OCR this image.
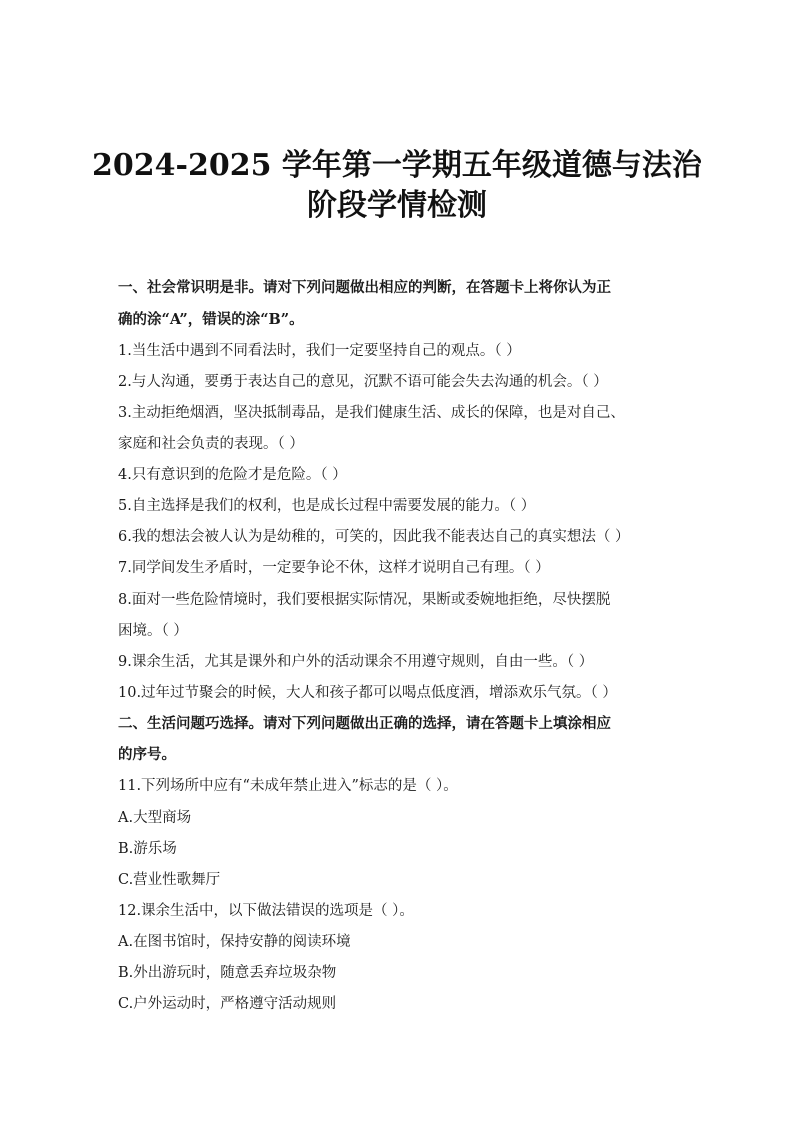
2024-2025 学年第一学期五年级道德与法治
阶段学情检测
一、社会常识明是非。请对下列问题做出相应的判断，在答题卡上将你认为正
确的涂“A”，错误的涂“B”。
1.当生活中遇到不同看法时，我们一定要坚持自己的观点。（ ）
2.与人沟通，要勇于表达自己的意见，沉默不语可能会失去沟通的机会。（ ）
3.主动拒绝烟酒，坚决抵制毒品，是我们健康生活、成长的保障，也是对自己、
家庭和社会负责的表现。（ ）
4.只有意识到的危险才是危险。（ ）
5.自主选择是我们的权利，也是成长过程中需要发展的能力。（ ）
6.我的想法会被人认为是幼稚的，可笑的，因此我不能表达自己的真实想法（ ）
7.同学间发生矛盾时，一定要争论不休，这样才说明自己有理。（ ）
8.面对一些危险情境时，我们要根据实际情况，果断或委婉地拒绝，尽快摆脱
困境。（ ）
9.课余生活，尤其是课外和户外的活动课余不用遵守规则，自由一些。（ ）
10.过年过节聚会的时候，大人和孩子都可以喝点低度酒，增添欢乐气氛。（ ）
二、生活问题巧选择。请对下列问题做出正确的选择，请在答题卡上填涂相应
的序号。
11.下列场所中应有“未成年禁止进入”标志的是（ ）。
A.大型商场
B.游乐场
C.营业性歌舞厅
12.课余生活中，以下做法错误的选项是（ ）。
A.在图书馆时，保持安静的阅读环境
B.外出游玩时，随意丢弃垃圾杂物
C.户外运动时，严格遵守活动规则
